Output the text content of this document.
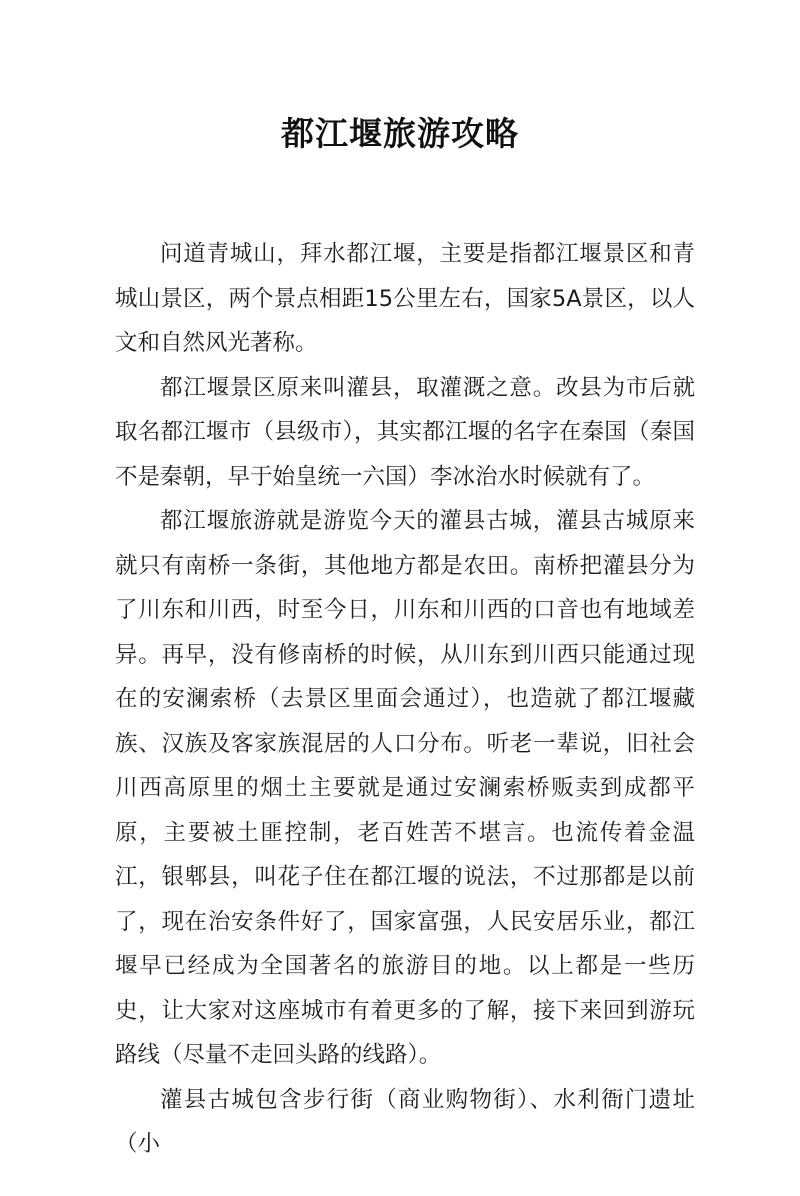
都江堰旅游攻略

问道青城山，拜水都江堰，主要是指都江堰景区和青城山景区，两个景点相距15公里左右，国家5A景区，以人文和自然风光著称。

都江堰景区原来叫灌县，取灌溉之意。改县为市后就取名都江堰市（县级市），其实都江堰的名字在秦国（秦国不是秦朝，早于始皇统一六国）李冰治水时候就有了。

都江堰旅游就是游览今天的灌县古城，灌县古城原来就只有南桥一条街，其他地方都是农田。南桥把灌县分为了川东和川西，时至今日，川东和川西的口音也有地域差异。再早，没有修南桥的时候，从川东到川西只能通过现在的安澜索桥（去景区里面会通过），也造就了都江堰藏族、汉族及客家族混居的人口分布。听老一辈说，旧社会川西高原里的烟土主要就是通过安澜索桥贩卖到成都平原，主要被土匪控制，老百姓苦不堪言。也流传着金温江，银郫县，叫花子住在都江堰的说法，不过那都是以前了，现在治安条件好了，国家富强，人民安居乐业，都江堰早已经成为全国著名的旅游目的地。以上都是一些历史，让大家对这座城市有着更多的了解，接下来回到游玩路线（尽量不走回头路的线路）。

灌县古城包含步行街（商业购物街）、水利衙门遗址（小
